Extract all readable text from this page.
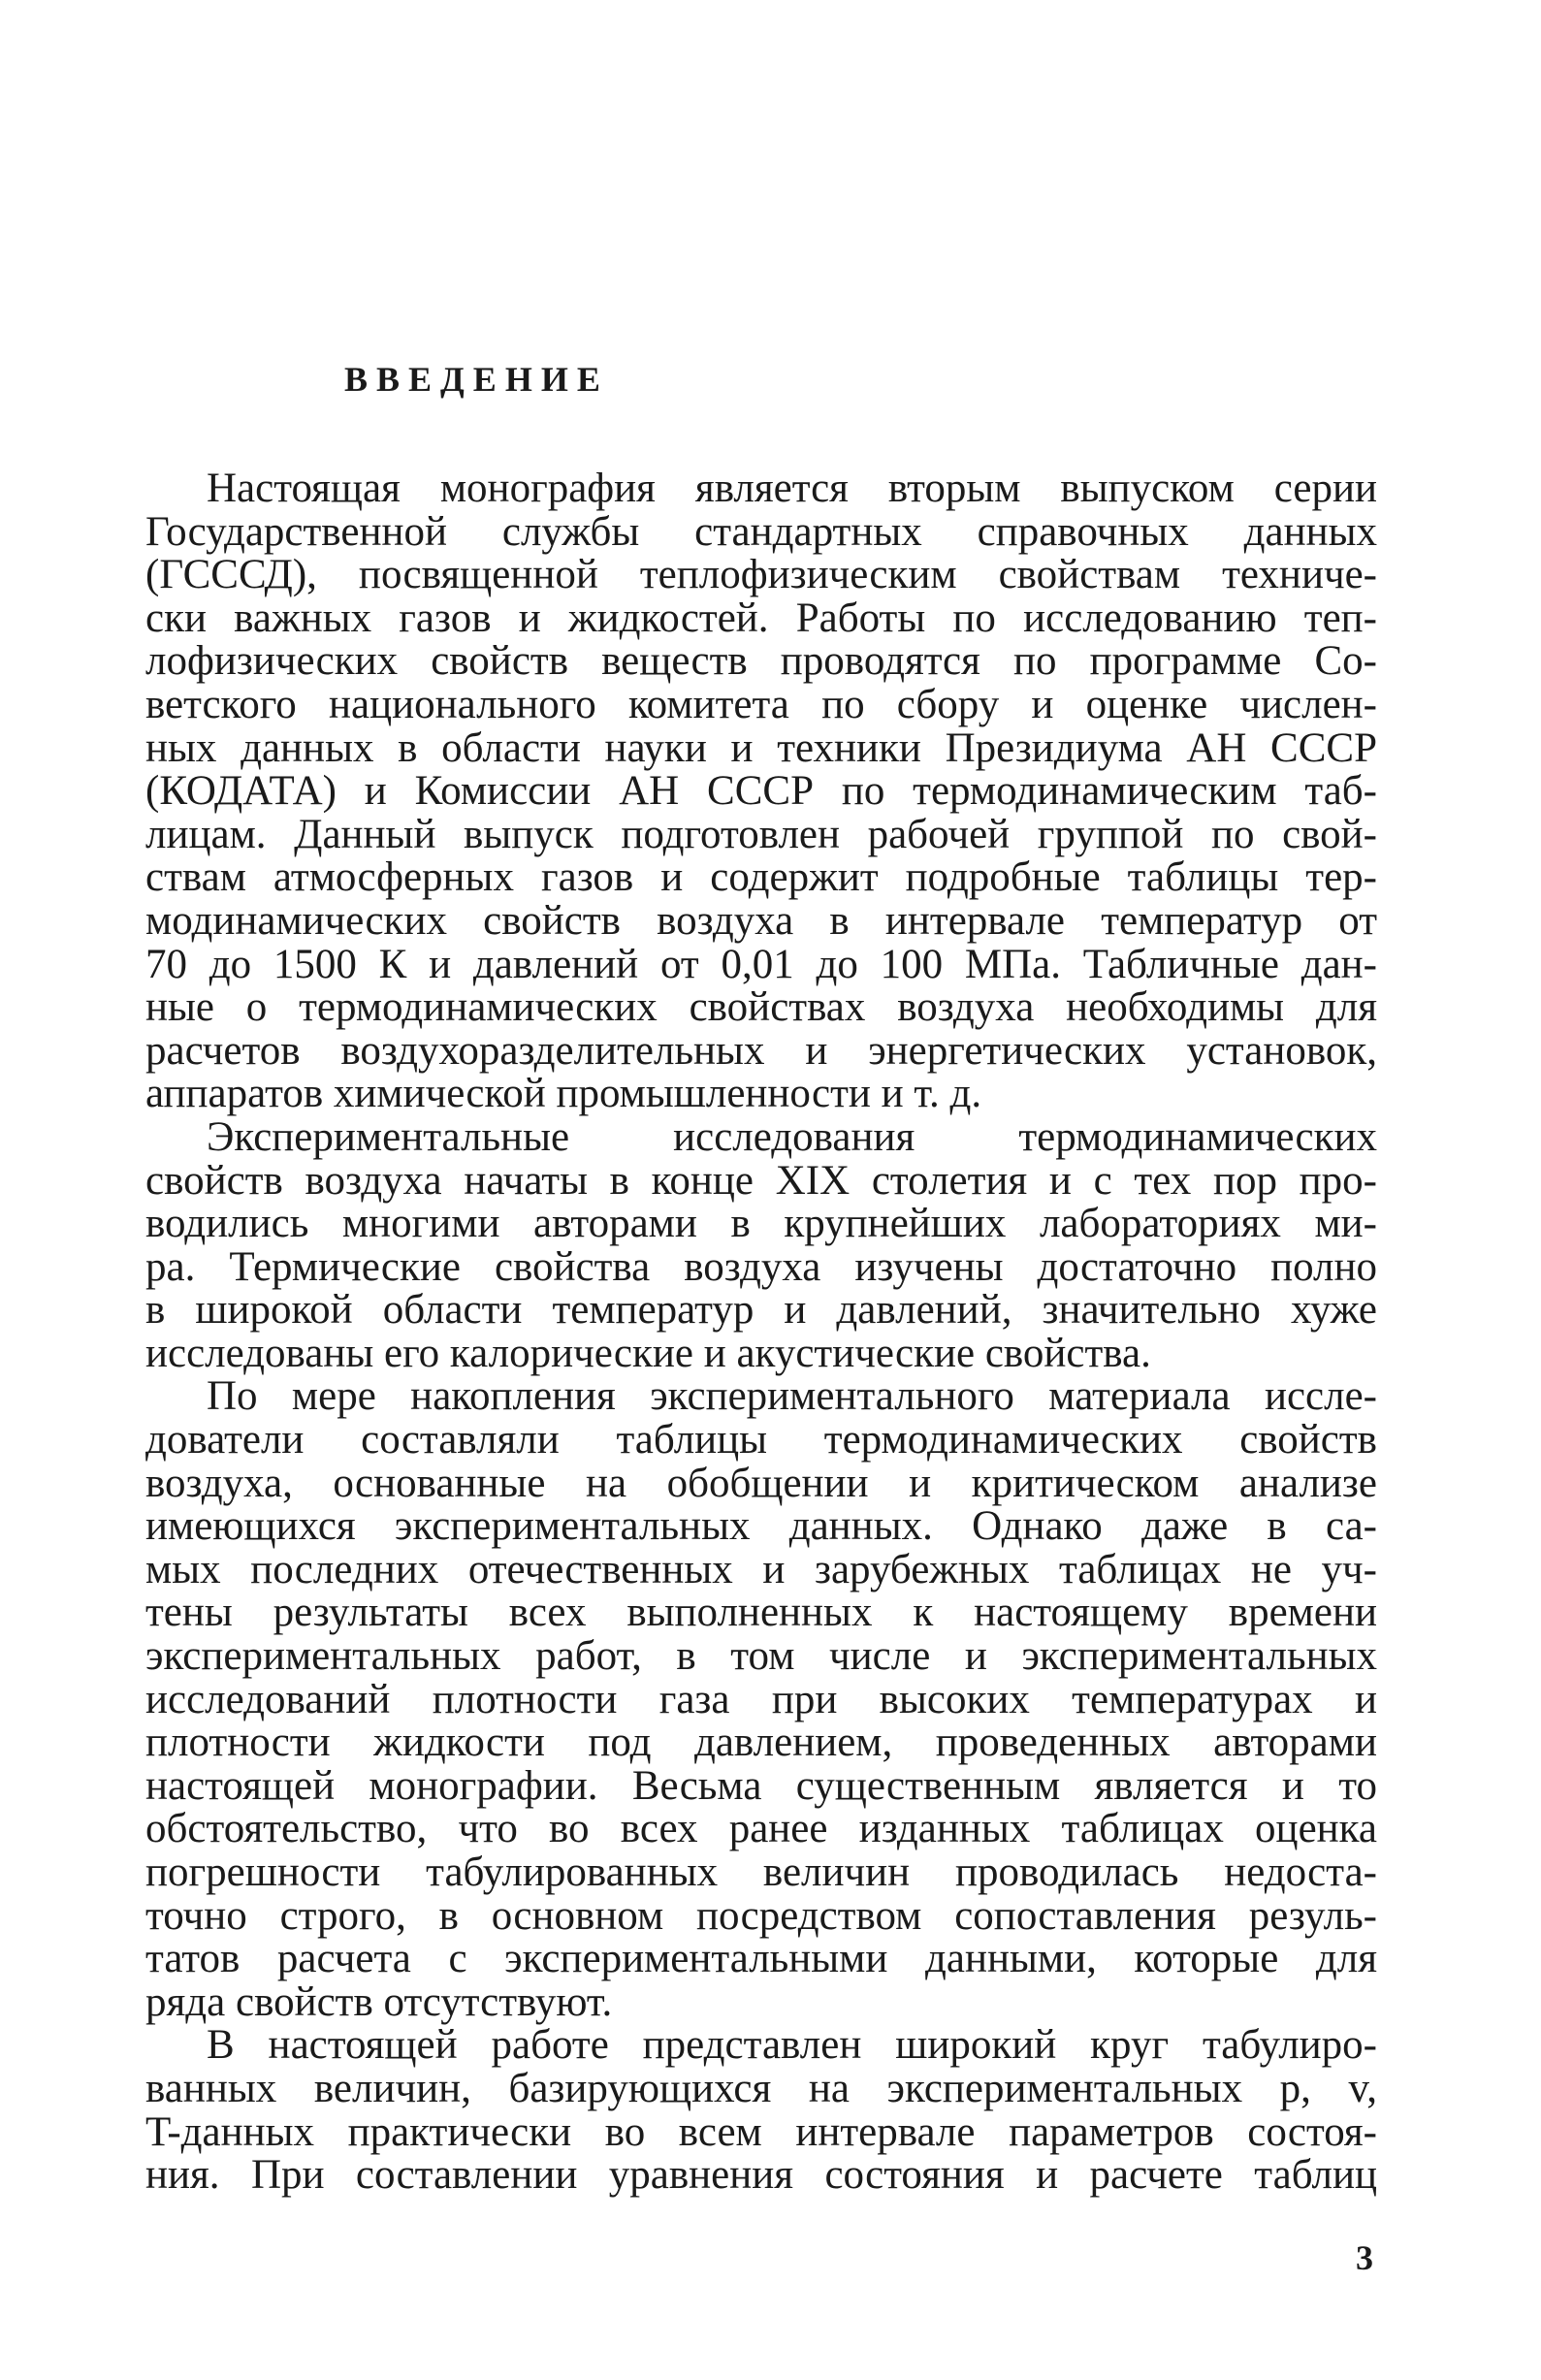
ВВЕДЕНИЕ

Настоящая монография является вторым выпуском серии
Государственной службы стандартных справочных данных
(ГСССД), посвященной теплофизическим свойствам техниче-
ски важных газов и жидкостей. Работы по исследованию теп-
лофизических свойств веществ проводятся по программе Со-
ветского национального комитета по сбору и оценке числен-
ных данных в области науки и техники Президиума АН СССР
(КОДАТА) и Комиссии АН СССР по термодинамическим таб-
лицам. Данный выпуск подготовлен рабочей группой по свой-
ствам атмосферных газов и содержит подробные таблицы тер-
модинамических свойств воздуха в интервале температур от
70 до 1500 К и давлений от 0,01 до 100 МПа. Табличные дан-
ные о термодинамических свойствах воздуха необходимы для
расчетов воздухоразделительных и энергетических установок,
аппаратов химической промышленности и т. д.

Экспериментальные исследования термодинамических
свойств воздуха начаты в конце XIX столетия и с тех пор про-
водились многими авторами в крупнейших лабораториях ми-
ра. Термические свойства воздуха изучены достаточно полно
в широкой области температур и давлений, значительно хуже
исследованы его калорические и акустические свойства.

По мере накопления экспериментального материала иссле-
дователи составляли таблицы термодинамических свойств
воздуха, основанные на обобщении и критическом анализе
имеющихся экспериментальных данных. Однако даже в са-
мых последних отечественных и зарубежных таблицах не уч-
тены результаты всех выполненных к настоящему времени
экспериментальных работ, в том числе и экспериментальных
исследований плотности газа при высоких температурах и
плотности жидкости под давлением, проведенных авторами
настоящей монографии. Весьма существенным является и то
обстоятельство, что во всех ранее изданных таблицах оценка
погрешности табулированных величин проводилась недоста-
точно строго, в основном посредством сопоставления резуль-
татов расчета с экспериментальными данными, которые для
ряда свойств отсутствуют.

В настоящей работе представлен широкий круг табулиро-
ванных величин, базирующихся на экспериментальных p, v,
T-данных практически во всем интервале параметров состоя-
ния. При составлении уравнения состояния и расчете таблиц

3
